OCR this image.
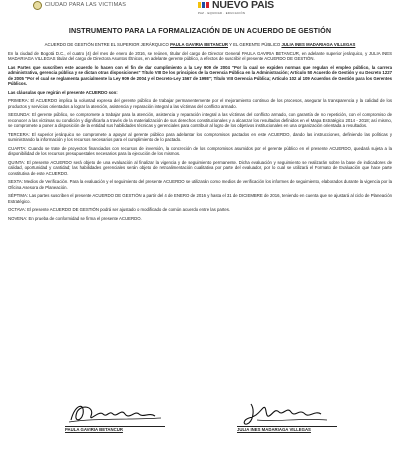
CIUDAD PARA LAS VICTIMAS	NUEVO PAÍS
PAZ · EQUIDAD · EDUCACIÓN
INSTRUMENTO PARA LA FORMALIZACIÓN DE UN ACUERDO DE GESTIÓN
ACUERDO DE GESTIÓN ENTRE EL SUPERIOR JERÁRQUICO PAULA GAVIRIA BETANCUR Y EL GERENTE PÚBLICO JULIA INES MADARIAGA VILLEGAS

En la ciudad de Bogotá D.C., el cuatro (4) del mes de enero de 2016, se reúnen, titular del cargo de Director General PAULA GAVIRIA BETANCUR, en adelante superior jerárquico, y JULIA INES MADARIAGA VILLEGAS titular del cargo de Directora Asuntos Étnicos, en adelante gerente público, a efectos de suscribir el presente ACUERDO DE GESTIÓN.

Las Partes que suscriben este acuerdo lo hacen con el fin de dar cumplimiento a la Ley 909 de 2004 "Por la cual se expiden normas que regulan el empleo público, la carrera administrativa, gerencia pública y se dictan otras disposiciones" Título VIII De los principios de la Gerencia Pública en la Administración; Artículo 50 Acuerdo de Gestión y su Decreto 1227 de 2005 "Por el cual se reglamenta parcialmente la Ley 909 de 2004 y el Decreto-Ley 1567 de 1998"; Título VIII Gerencia Pública; Artículo 102 al 109 Acuerdos de Gestión para los Gerentes Públicos.

Las cláusulas que regirán el presente ACUERDO son:

PRIMERA: El ACUERDO implica la voluntad expresa del gerente público de trabajar permanentemente por el mejoramiento continuo de los procesos, asegurar la transparencia y la calidad de los productos y servicios orientados a lograr la atención, asistencia y reparación integral a las víctimas del conflicto armado.

SEGUNDA: El gerente público, se compromete a trabajar para la atención, asistencia y reparación integral a las víctimas del conflicto armado, con garantía de no repetición, con el compromiso de reconocer a las víctimas su condición y dignificarla a través de la materialización de sus derechos constitucionales y a alcanzar los resultados definidos en el Mapa Estratégico 2014 - 2018; así mismo, se compromete a poner a disposición de la entidad sus habilidades técnicas y gerenciales para contribuir al logro de los objetivos institucionales en una organización orientada a resultados.

TERCERA: El superior jerárquico se compromete a apoyar al gerente público para adelantar los compromisos pactados en este ACUERDO, dando las instrucciones, definiendo las políticas y suministrando la información y los recursos necesarios para el cumplimiento de lo pactado.

CUARTA: Cuando se trate de proyectos financiados con recursos de inversión, la concreción de los compromisos asumidos por el gerente público en el presente ACUERDO, quedará sujeta a la disponibilidad de los recursos presupuestales necesarios para la ejecución de los mismos.

QUINTA: El presente ACUERDO será objeto de una evaluación al finalizar la vigencia y de seguimiento permanente. Dicha evaluación y seguimiento se realizarán sobre la base de indicadores de calidad, oportunidad y cantidad; las habilidades gerenciales serán objeto de retroalimentación cualitativa por parte del evaluador, por lo cual se utilizará el Formato de Evaluación que hace parte constitutiva de este ACUERDO.

SEXTA: Medios de Verificación. Para la evaluación y el seguimiento del presente ACUERDO se utilizarán como medios de verificación los informes de seguimiento, elaborados durante la vigencia por la Oficina Asesora de Planeación.

SÉPTIMA: Las partes suscriben el presente ACUERDO DE GESTIÓN a partir del 4 de ENERO de 2016 y hasta el 31 de DICIEMBRE de 2016, teniendo en cuenta que se ajustará al ciclo de Planeación Estratégico.

OCTAVA: El presente ACUERDO DE GESTIÓN podrá ser ajustado o modificado de común acuerdo entre las partes.

NOVENA: En prueba de conformidad se firma el presente ACUERDO.

PAULA GAVIRIA BETANCUR	JULIA INES MADARIAGA VILLEGAS
